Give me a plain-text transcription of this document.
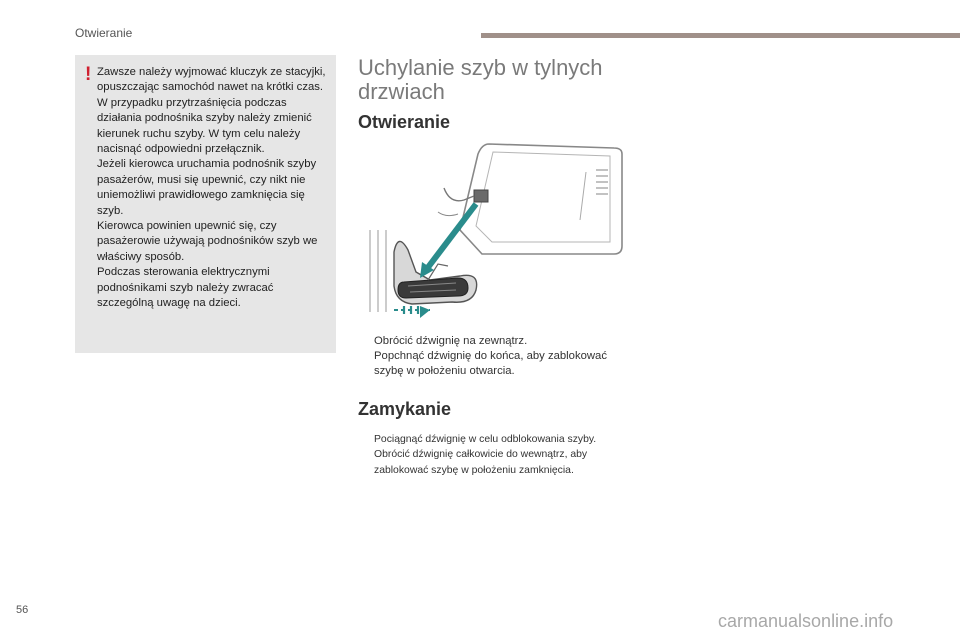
Otwieranie
! Zawsze należy wyjmować kluczyk ze stacyjki, opuszczając samochód nawet na krótki czas.

W przypadku przytrzaśnięcia podczas działania podnośnika szyby należy zmienić kierunek ruchu szyby. W tym celu należy nacisnąć odpowiedni przełącznik.

Jeżeli kierowca uruchamia podnośnik szyby pasażerów, musi się upewnić, czy nikt nie uniemożliwi prawidłowego zamknięcia się szyb.

Kierowca powinien upewnić się, czy pasażerowie używają podnośników szyb we właściwy sposób.

Podczas sterowania elektrycznymi podnośnikami szyb należy zwracać szczególną uwagę na dzieci.

Uchylanie szyb w tylnych drzwiach
Otwieranie
Obrócić dźwignię na zewnątrz.
Popchnąć dźwignię do końca, aby zablokować szybę w położeniu otwarcia.
Zamykanie
Pociągnąć dźwignię w celu odblokowania szyby.
Obrócić dźwignię całkowicie do wewnątrz, aby zablokować szybę w położeniu zamknięcia.
56
carmanualsonline.info
